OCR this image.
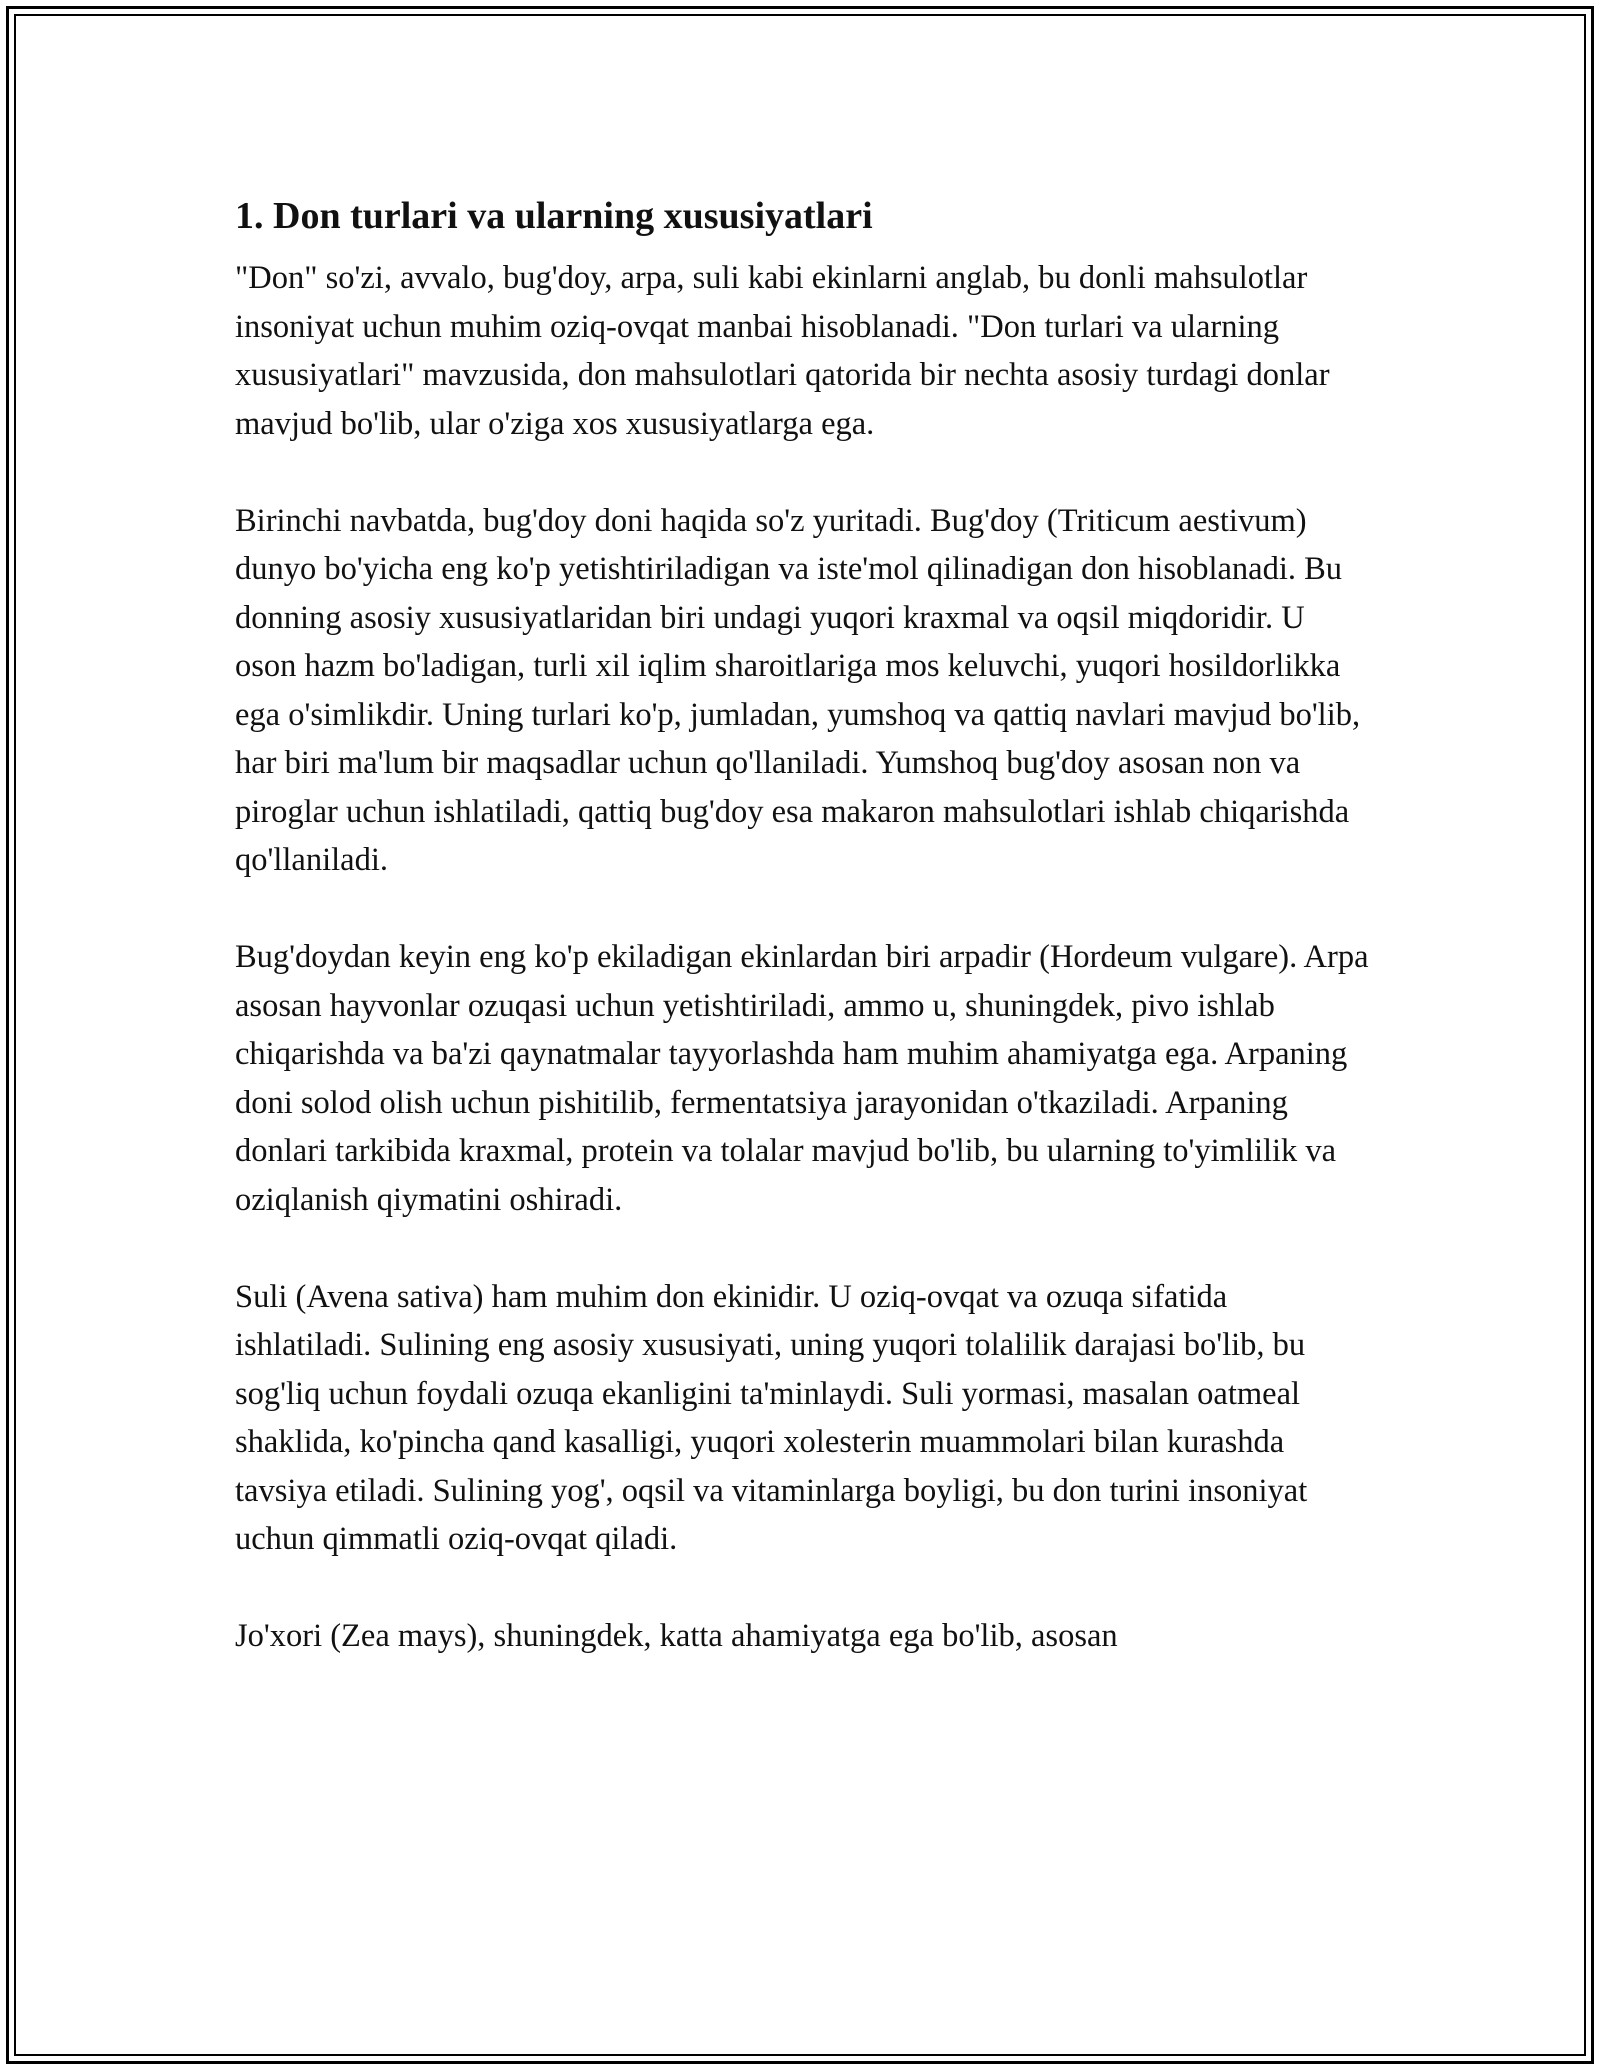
1. Don turlari va ularning xususiyatlari

"Don" so'zi, avvalo, bug'doy, arpa, suli kabi ekinlarni anglab, bu donli mahsulotlar insoniyat uchun muhim oziq-ovqat manbai hisoblanadi. "Don turlari va ularning xususiyatlari" mavzusida, don mahsulotlari qatorida bir nechta asosiy turdagi donlar mavjud bo'lib, ular o'ziga xos xususiyatlarga ega.

Birinchi navbatda, bug'doy doni haqida so'z yuritadi. Bug'doy (Triticum aestivum) dunyo bo'yicha eng ko'p yetishtiriladigan va iste'mol qilinadigan don hisoblanadi. Bu donning asosiy xususiyatlaridan biri undagi yuqori kraxmal va oqsil miqdoridir. U oson hazm bo'ladigan, turli xil iqlim sharoitlariga mos keluvchi, yuqori hosildorlikka ega o'simlikdir. Uning turlari ko'p, jumladan, yumshoq va qattiq navlari mavjud bo'lib, har biri ma'lum bir maqsadlar uchun qo'llaniladi. Yumshoq bug'doy asosan non va piroglar uchun ishlatiladi, qattiq bug'doy esa makaron mahsulotlari ishlab chiqarishda qo'llaniladi.

Bug'doydan keyin eng ko'p ekiladigan ekinlardan biri arpadir (Hordeum vulgare). Arpa asosan hayvonlar ozuqasi uchun yetishtiriladi, ammo u, shuningdek, pivo ishlab chiqarishda va ba'zi qaynatmalar tayyorlashda ham muhim ahamiyatga ega. Arpaning doni solod olish uchun pishitilib, fermentatsiya jarayonidan o'tkaziladi. Arpaning donlari tarkibida kraxmal, protein va tolalar mavjud bo'lib, bu ularning to'yimlilik va oziqlanish qiymatini oshiradi.

Suli (Avena sativa) ham muhim don ekinidir. U oziq-ovqat va ozuqa sifatida ishlatiladi. Sulining eng asosiy xususiyati, uning yuqori tolalilik darajasi bo'lib, bu sog'liq uchun foydali ozuqa ekanligini ta'minlaydi. Suli yormasi, masalan oatmeal shaklida, ko'pincha qand kasalligi, yuqori xolesterin muammolari bilan kurashda tavsiya etiladi. Sulining yog', oqsil va vitaminlarga boyligi, bu don turini insoniyat uchun qimmatli oziq-ovqat qiladi.

Jo'xori (Zea mays), shuningdek, katta ahamiyatga ega bo'lib, asosan
